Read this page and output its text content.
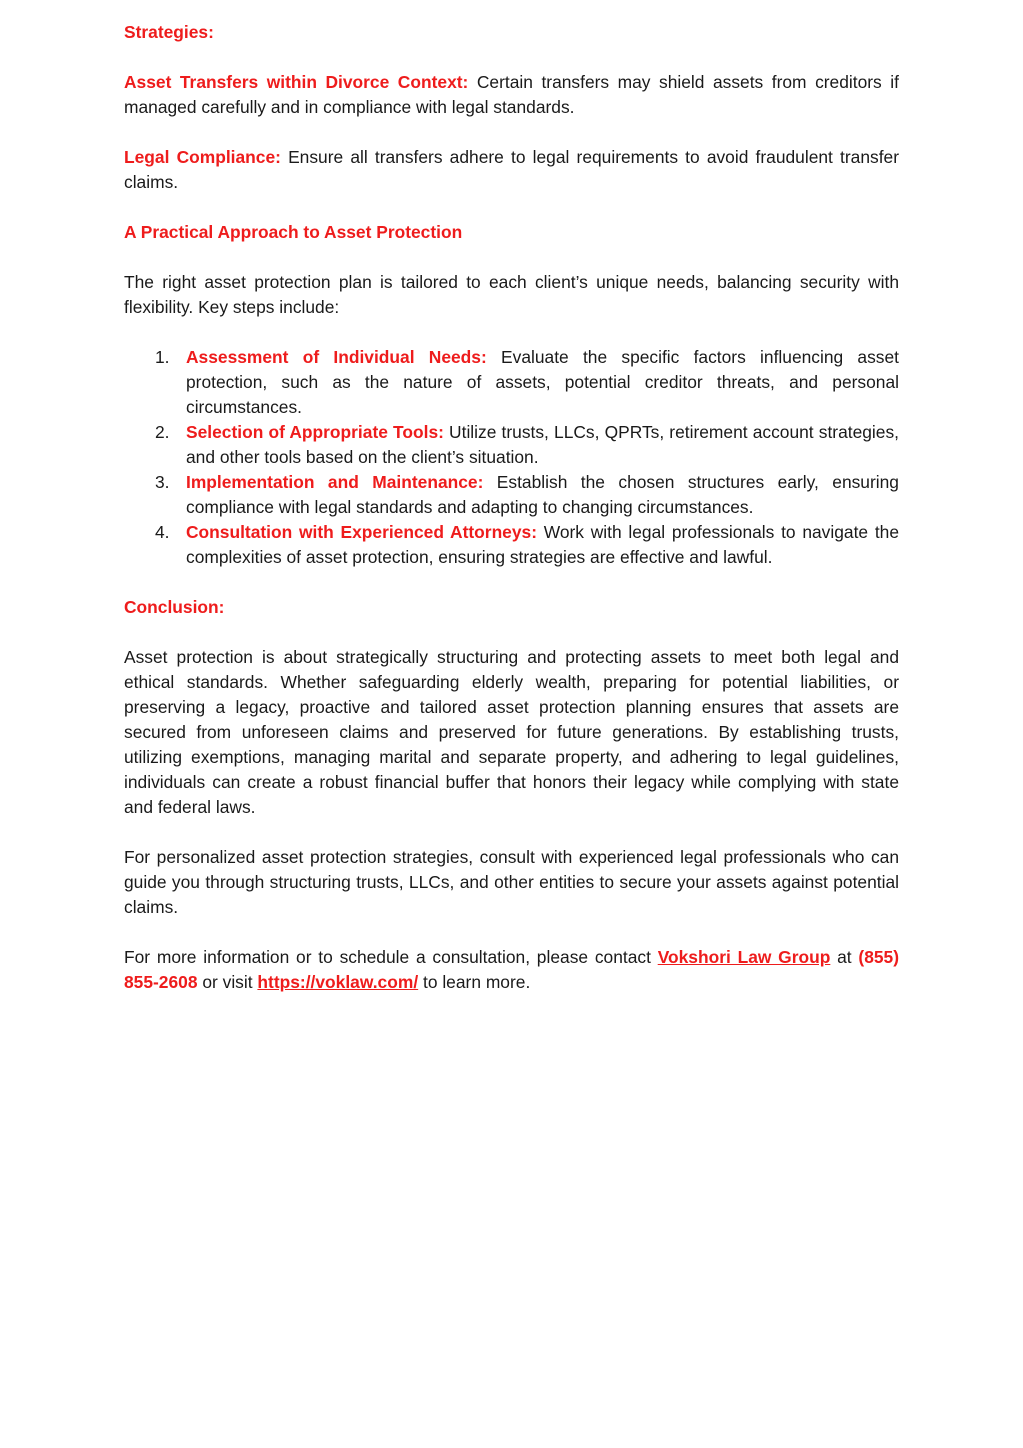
Strategies:

Asset Transfers within Divorce Context: Certain transfers may shield assets from creditors if managed carefully and in compliance with legal standards.

Legal Compliance: Ensure all transfers adhere to legal requirements to avoid fraudulent transfer claims.

A Practical Approach to Asset Protection

The right asset protection plan is tailored to each client’s unique needs, balancing security with flexibility. Key steps include:

1. Assessment of Individual Needs: Evaluate the specific factors influencing asset protection, such as the nature of assets, potential creditor threats, and personal circumstances.
2. Selection of Appropriate Tools: Utilize trusts, LLCs, QPRTs, retirement account strategies, and other tools based on the client’s situation.
3. Implementation and Maintenance: Establish the chosen structures early, ensuring compliance with legal standards and adapting to changing circumstances.
4. Consultation with Experienced Attorneys: Work with legal professionals to navigate the complexities of asset protection, ensuring strategies are effective and lawful.
Conclusion:

Asset protection is about strategically structuring and protecting assets to meet both legal and ethical standards. Whether safeguarding elderly wealth, preparing for potential liabilities, or preserving a legacy, proactive and tailored asset protection planning ensures that assets are secured from unforeseen claims and preserved for future generations. By establishing trusts, utilizing exemptions, managing marital and separate property, and adhering to legal guidelines, individuals can create a robust financial buffer that honors their legacy while complying with state and federal laws.

For personalized asset protection strategies, consult with experienced legal professionals who can guide you through structuring trusts, LLCs, and other entities to secure your assets against potential claims.

For more information or to schedule a consultation, please contact Vokshori Law Group at (855) 855-2608 or visit https://voklaw.com/ to learn more.
